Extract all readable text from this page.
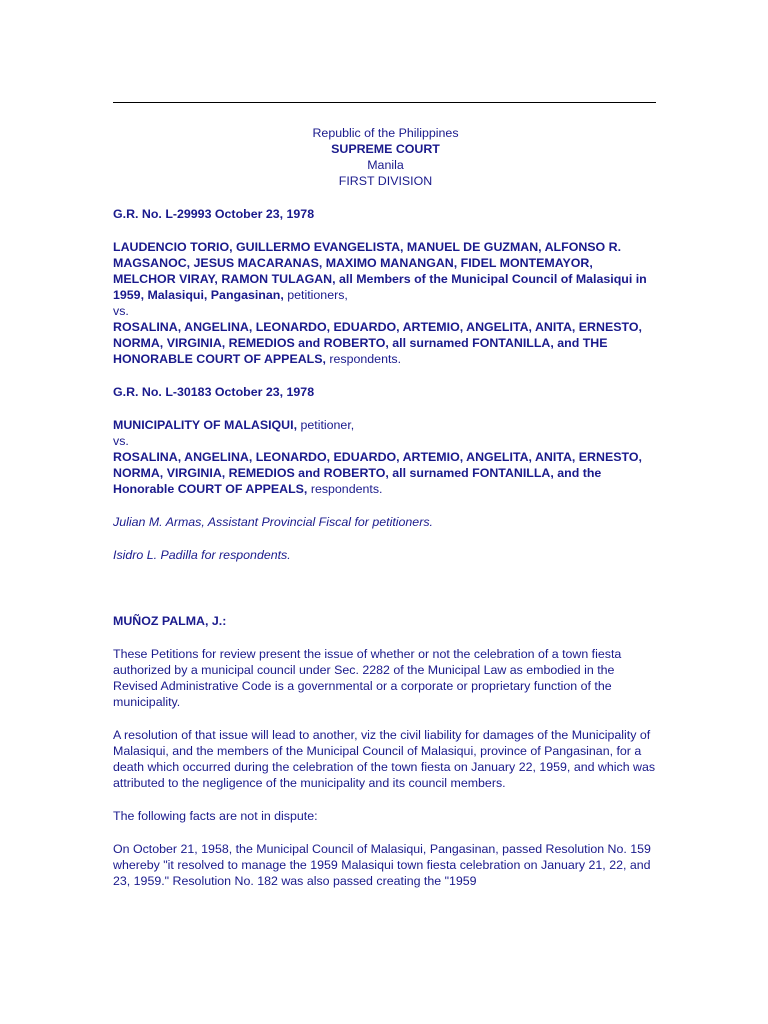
Republic of the Philippines

SUPREME COURT

Manila

FIRST DIVISION

G.R. No. L-29993 October 23, 1978

LAUDENCIO TORIO, GUILLERMO EVANGELISTA, MANUEL DE GUZMAN, ALFONSO R. MAGSANOC, JESUS MACARANAS, MAXIMO MANANGAN, FIDEL MONTEMAYOR, MELCHOR VIRAY, RAMON TULAGAN, all Members of the Municipal Council of Malasiqui in 1959, Malasiqui, Pangasinan, petitioners,

vs.

ROSALINA, ANGELINA, LEONARDO, EDUARDO, ARTEMIO, ANGELITA, ANITA, ERNESTO, NORMA, VIRGINIA, REMEDIOS and ROBERTO, all surnamed FONTANILLA, and THE HONORABLE COURT OF APPEALS, respondents.

G.R. No. L-30183 October 23, 1978

MUNICIPALITY OF MALASIQUI, petitioner,

vs.

ROSALINA, ANGELINA, LEONARDO, EDUARDO, ARTEMIO, ANGELITA, ANITA, ERNESTO, NORMA, VIRGINIA, REMEDIOS and ROBERTO, all surnamed FONTANILLA, and the Honorable COURT OF APPEALS, respondents.

Julian M. Armas, Assistant Provincial Fiscal for petitioners.

Isidro L. Padilla for respondents.

MUÑOZ PALMA, J.:

These Petitions for review present the issue of whether or not the celebration of a town fiesta authorized by a municipal council under Sec. 2282 of the Municipal Law as embodied in the Revised Administrative Code is a governmental or a corporate or proprietary function of the municipality.

A resolution of that issue will lead to another, viz the civil liability for damages of the Municipality of Malasiqui, and the members of the Municipal Council of Malasiqui, province of Pangasinan, for a death which occurred during the celebration of the town fiesta on January 22, 1959, and which was attributed to the negligence of the municipality and its council members.

The following facts are not in dispute:

On October 21, 1958, the Municipal Council of Malasiqui, Pangasinan, passed Resolution No. 159 whereby "it resolved to manage the 1959 Malasiqui town fiesta celebration on January 21, 22, and 23, 1959." Resolution No. 182 was also passed creating the "1959
